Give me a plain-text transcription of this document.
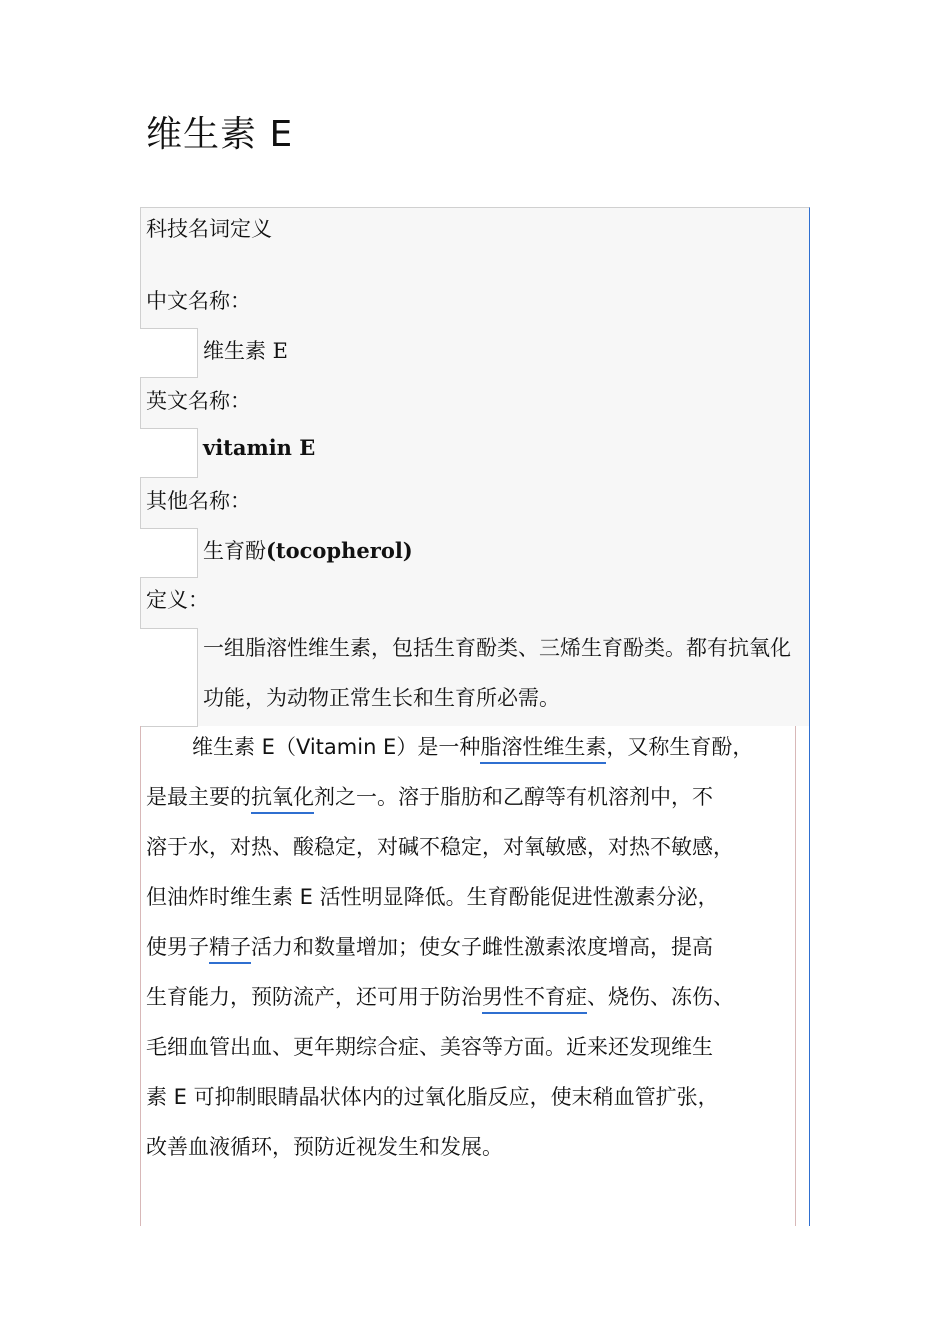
维生素 E
科技名词定义
中文名称：
维生素 E
英文名称：
vitamin E
其他名称：
生育酚(tocopherol)
定义：
一组脂溶性维生素，包括生育酚类、三烯生育酚类。都有抗氧化功能，为动物正常生长和生育所必需。
维生素 E（Vitamin E）是一种脂溶性维生素，又称生育酚，
是最主要的抗氧化剂之一。溶于脂肪和乙醇等有机溶剂中，不
溶于水，对热、酸稳定，对碱不稳定，对氧敏感，对热不敏感，
但油炸时维生素 E 活性明显降低。生育酚能促进性激素分泌，
使男子精子活力和数量增加；使女子雌性激素浓度增高，提高
生育能力，预防流产，还可用于防治男性不育症、烧伤、冻伤、
毛细血管出血、更年期综合症、美容等方面。近来还发现维生
素 E 可抑制眼睛晶状体内的过氧化脂反应，使末稍血管扩张，
改善血液循环，预防近视发生和发展。
